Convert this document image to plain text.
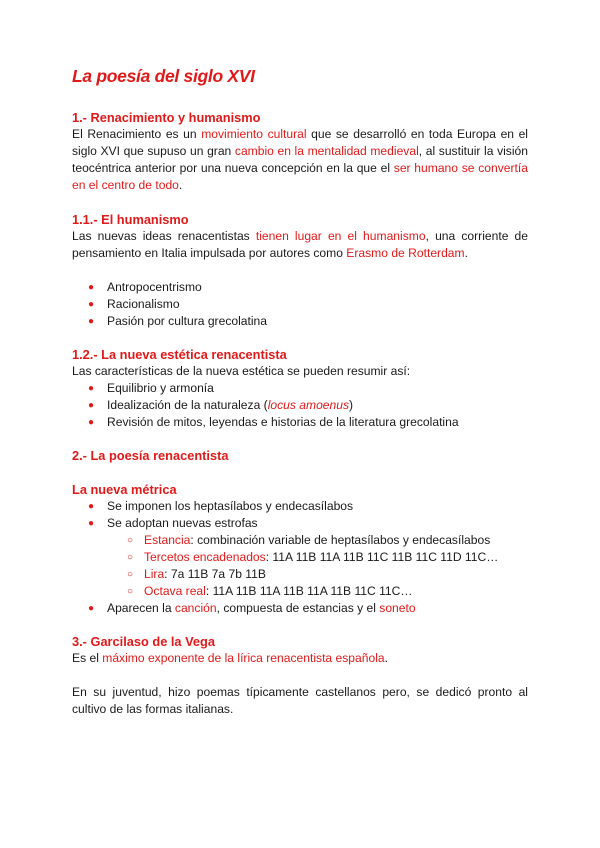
La poesía del siglo XVI
1.- Renacimiento y humanismo

El Renacimiento es un movimiento cultural que se desarrolló en toda Europa en el siglo XVI que supuso un gran cambio en la mentalidad medieval, al sustituir la visión teocéntrica anterior por una nueva concepción en la que el ser humano se convertía en el centro de todo.

1.1.- El humanismo

Las nuevas ideas renacentistas tienen lugar en el humanismo, una corriente de pensamiento en Italia impulsada por autores como Erasmo de Rotterdam.

● Antropocentrismo
● Racionalismo
● Pasión por cultura grecolatina
1.2.- La nueva estética renacentista

Las características de la nueva estética se pueden resumir así:

● Equilibrio y armonía
● Idealización de la naturaleza (locus amoenus)
● Revisión de mitos, leyendas e historias de la literatura grecolatina
2.- La poesía renacentista
La nueva métrica
● Se imponen los heptasílabos y endecasílabos
● Se adoptan nuevas estrofas
○ Estancia: combinación variable de heptasílabos y endecasílabos
○ Tercetos encadenados: 11A 11B 11A 11B 11C 11B 11C 11D 11C…
○ Lira: 7a 11B 7a 7b 11B
○ Octava real: 11A 11B 11A 11B 11A 11B 11C 11C…
● Aparecen la canción, compuesta de estancias y el soneto
3.- Garcilaso de la Vega

Es el máximo exponente de la lírica renacentista española.

En su juventud, hizo poemas típicamente castellanos pero, se dedicó pronto al cultivo de las formas italianas.
